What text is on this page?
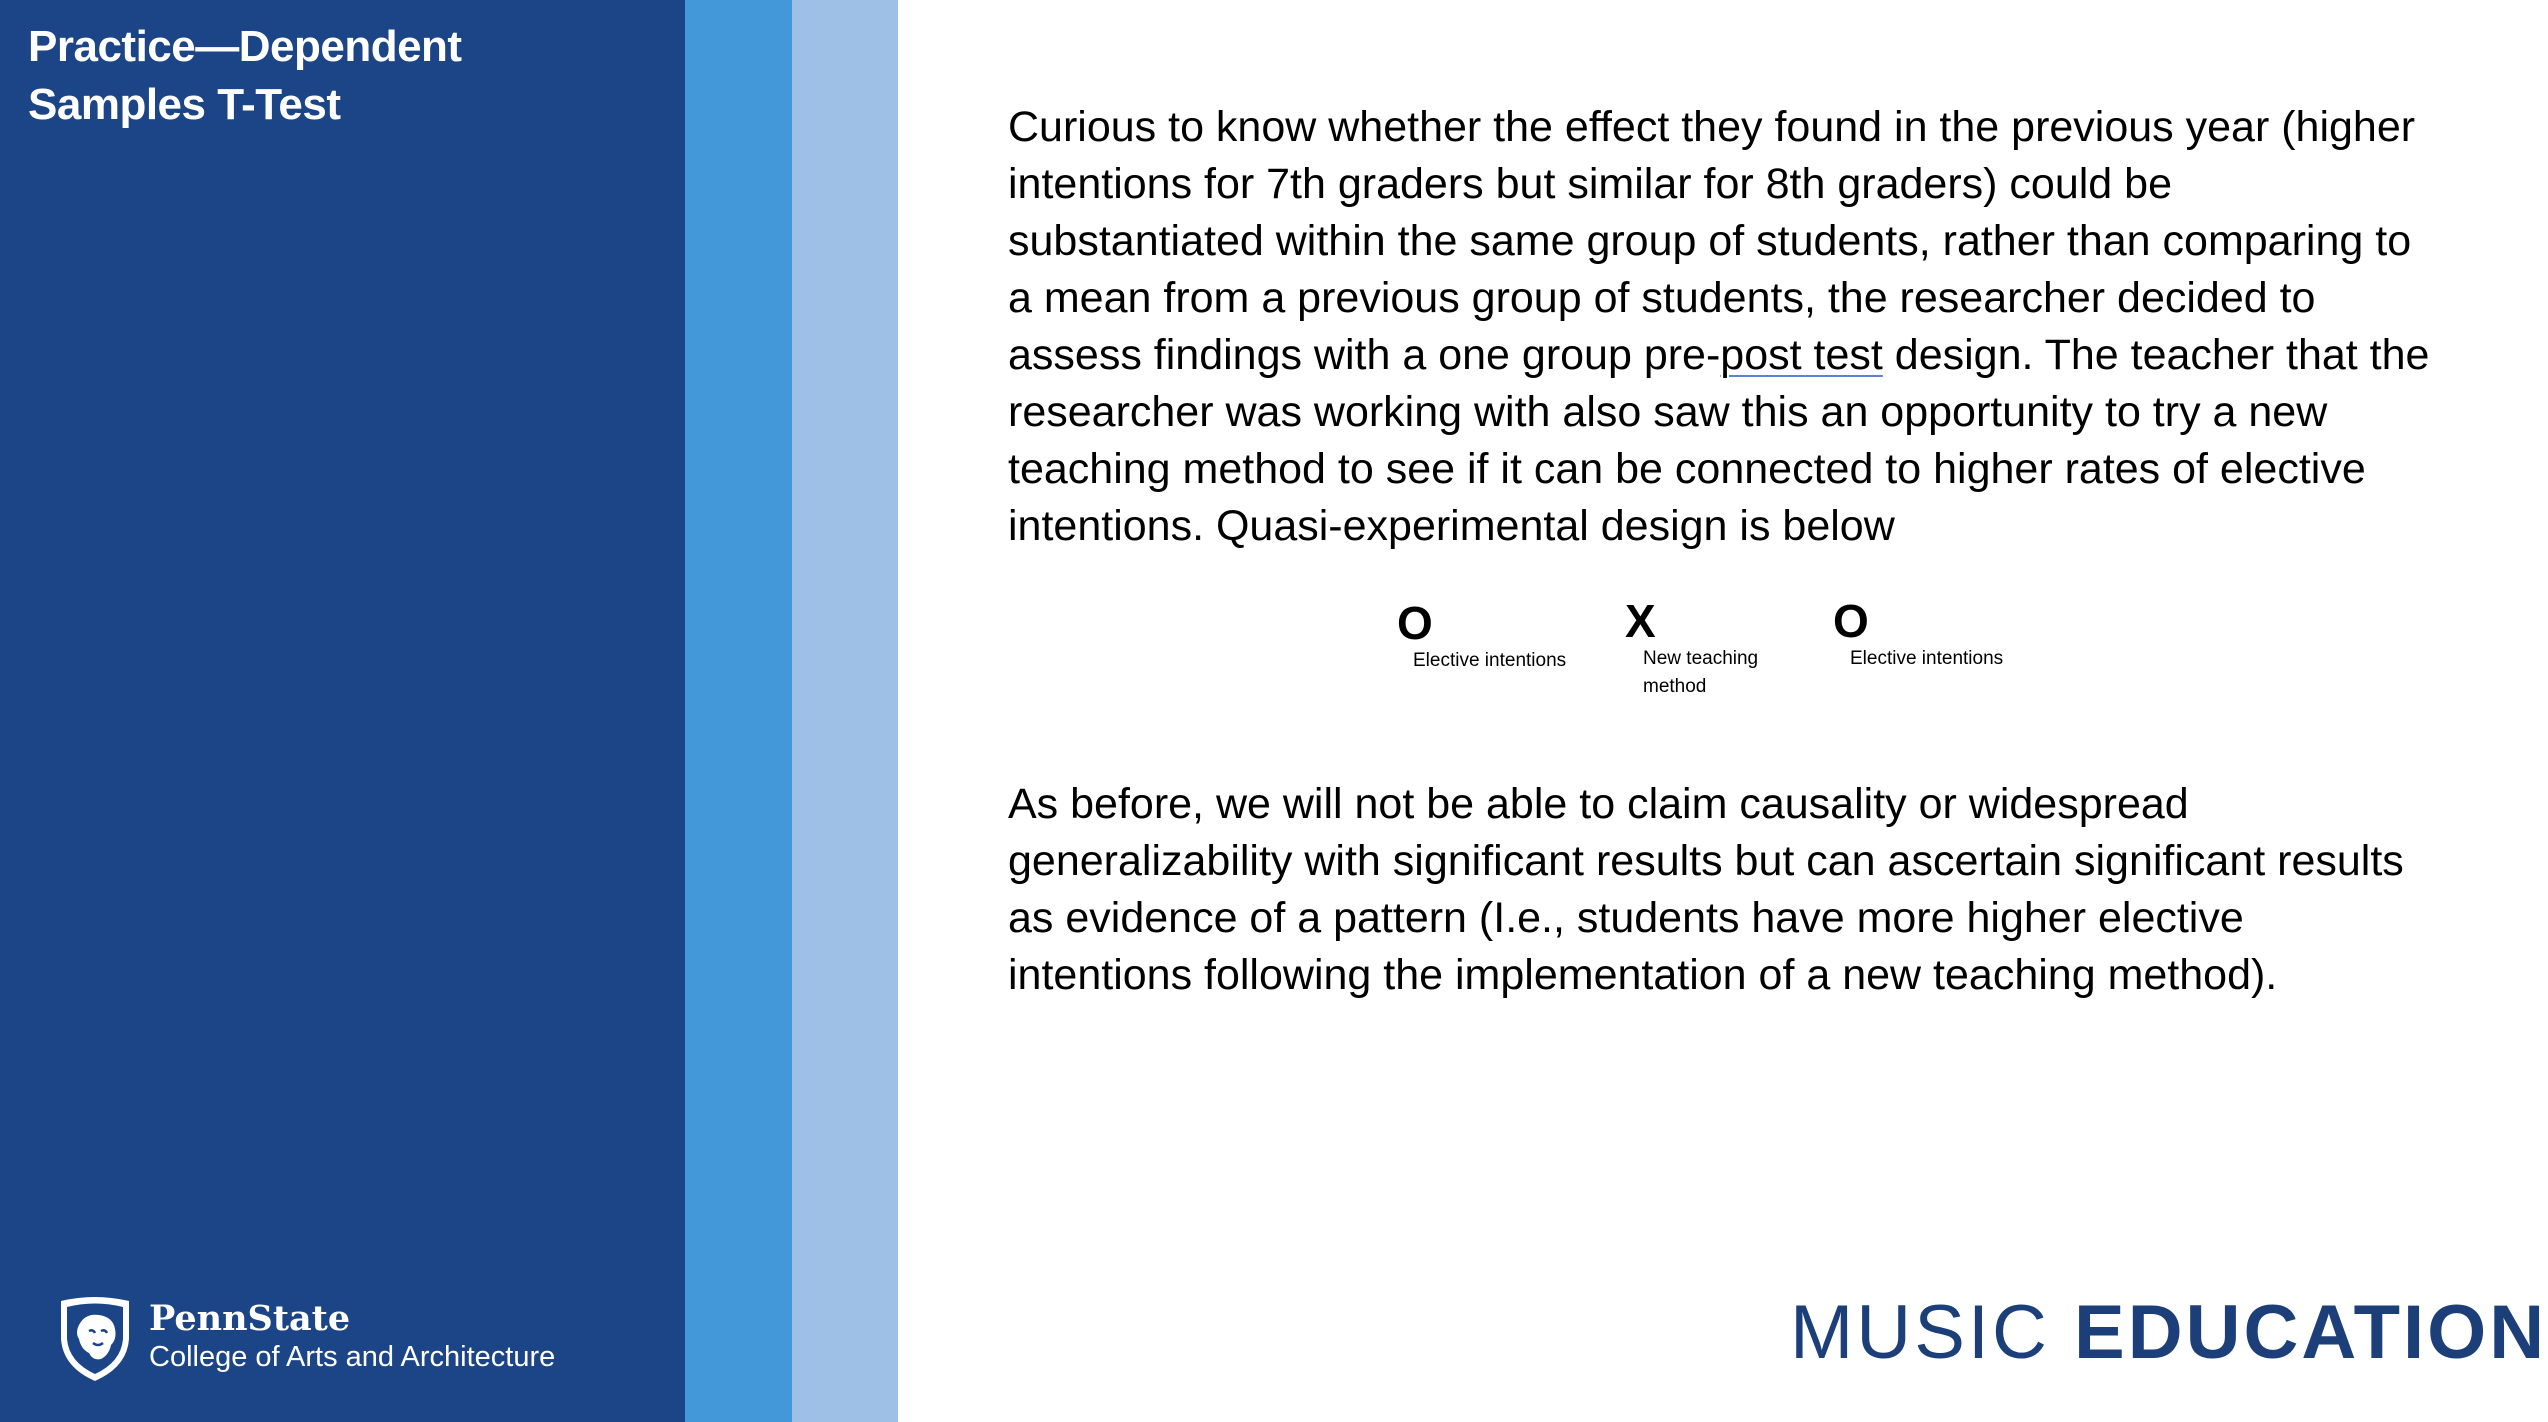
Practice—Dependent
Samples T-Test	Curious to know whether the effect they found in the previous year (higher
intentions for 7th graders but similar for 8th graders) could be
substantiated within the same group of students, rather than comparing to
a mean from a previous group of students, the researcher decided to
assess findings with a one group pre-post test design. The teacher that the
researcher was working with also saw this an opportunity to try a new
teaching method to see if it can be connected to higher rates of elective
intentions. Quasi-experimental design is below
O
Elective intentions
X
New teaching
method
O
Elective intentions
As before, we will not be able to claim causality or widespread
generalizability with significant results but can ascertain significant results
as evidence of a pattern (I.e., students have more higher elective
intentions following the implementation of a new teaching method).
PennState
College of Arts and Architecture	MUSIC EDUCATION
